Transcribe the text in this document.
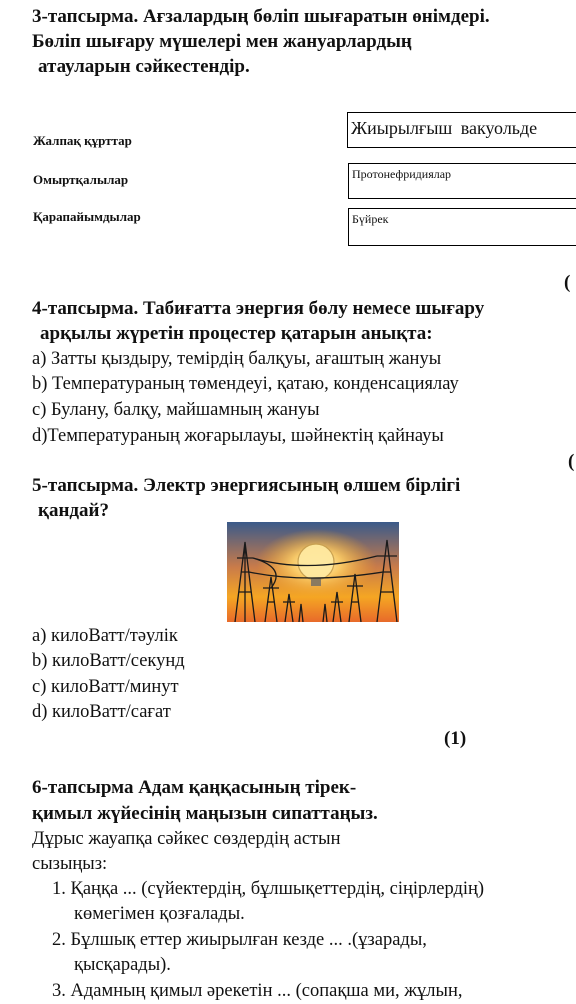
3-тапсырма. Ағзалардың бөліп шығаратын өнімдері.
Бөліп шығару мүшелері мен жануарлардың
атауларын сәйкестендір.
Жалпақ құрттар
Омыртқалылар
Қарапайымдылар
Жиырылғыш вакуольде
Протонефридиялар
Бүйрек
(
4-тапсырма. Табиғатта энергия бөлу немесе шығару
арқылы жүретін процестер қатарын анықта:
а) Затты қыздыру, темірдің балқуы, ағаштың жануы
b) Температураның төмендеуі, қатаю, конденсациялау
c) Булану, балқу, майшамның жануы
d)Температураның жоғарылауы, шәйнектің қайнауы
(
5-тапсырма. Электр энергиясының өлшем бірлігі
қандай?
а) килоВатт/тәулік
b) килоВатт/секунд
c) килоВатт/минут
d) килоВатт/сағат
(1)
6-тапсырма Адам қаңқасының тірек-
қимыл жүйесінің маңызын сипаттаңыз.
Дұрыс жауапқа сәйкес сөздердің астын
сызыңыз:
1. Қаңқа ... (сүйектердің, бұлшықеттердің, сіңірлердің)
көмегімен қозғалады.
2. Бұлшық еттер жиырылған кезде ... .(ұзарады,
қысқарады).
3. Адамның қимыл әрекетін ... (сопақша ми, жұлын,
